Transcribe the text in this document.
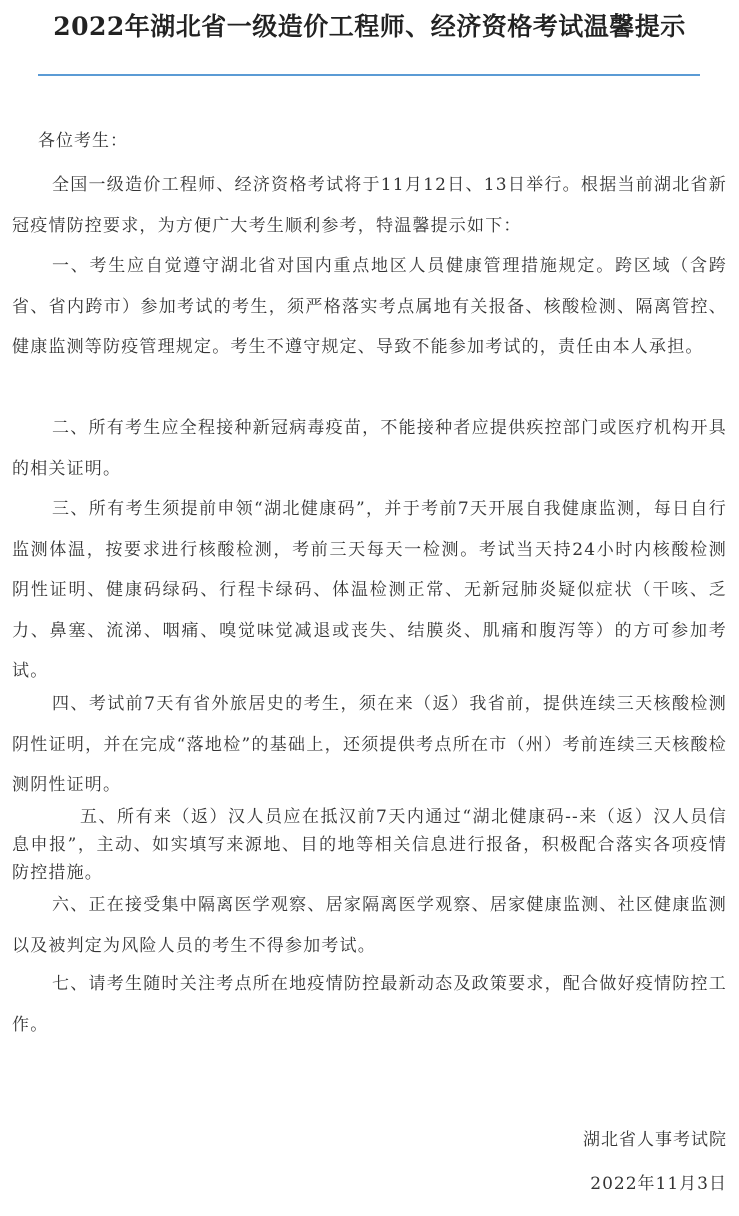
2022年湖北省一级造价工程师、经济资格考试温馨提示
各位考生：
全国一级造价工程师、经济资格考试将于11月12日、13日举行。根据当前湖北省新冠疫情防控要求，为方便广大考生顺利参考，特温馨提示如下：
一、考生应自觉遵守湖北省对国内重点地区人员健康管理措施规定。跨区域（含跨省、省内跨市）参加考试的考生，须严格落实考点属地有关报备、核酸检测、隔离管控、健康监测等防疫管理规定。考生不遵守规定、导致不能参加考试的，责任由本人承担。
二、所有考生应全程接种新冠病毒疫苗，不能接种者应提供疾控部门或医疗机构开具的相关证明。
三、所有考生须提前申领“湖北健康码”，并于考前7天开展自我健康监测，每日自行监测体温，按要求进行核酸检测，考前三天每天一检测。考试当天持24小时内核酸检测阴性证明、健康码绿码、行程卡绿码、体温检测正常、无新冠肺炎疑似症状（干咳、乏力、鼻塞、流涕、咽痛、嗅觉味觉减退或丧失、结膜炎、肌痛和腹泻等）的方可参加考试。
四、考试前7天有省外旅居史的考生，须在来（返）我省前，提供连续三天核酸检测阴性证明，并在完成“落地检”的基础上，还须提供考点所在市（州）考前连续三天核酸检测阴性证明。
五、所有来（返）汉人员应在抵汉前7天内通过“湖北健康码--来（返）汉人员信息申报”，主动、如实填写来源地、目的地等相关信息进行报备，积极配合落实各项疫情防控措施。
六、正在接受集中隔离医学观察、居家隔离医学观察、居家健康监测、社区健康监测以及被判定为风险人员的考生不得参加考试。
七、请考生随时关注考点所在地疫情防控最新动态及政策要求，配合做好疫情防控工作。
湖北省人事考试院
2022年11月3日
